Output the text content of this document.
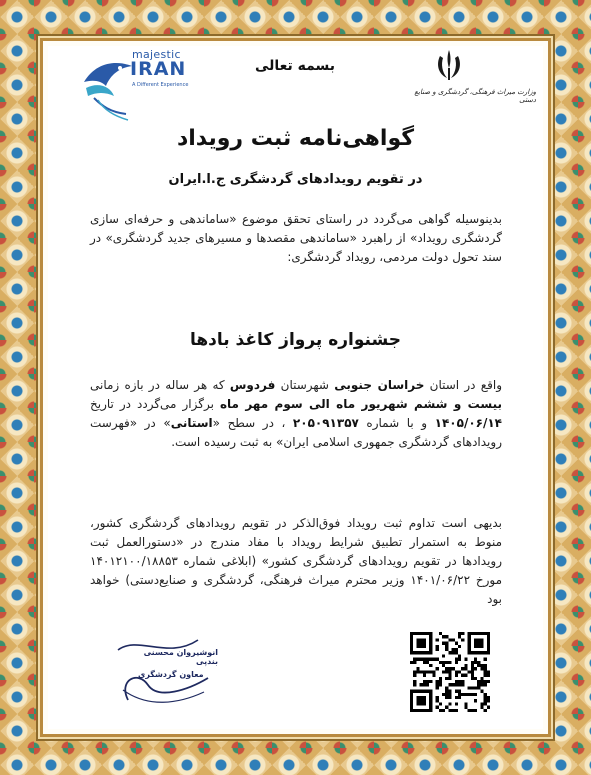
majestic
IRAN
A Different Experience
بسمه تعالی
وزارت میراث فرهنگی، گردشگری و صنایع دستی
گواهی‌نامه ثبت رویداد
در تقویم رویدادهای گردشگری ج.ا.ایران

بدینوسیله گواهی می‌گردد در راستای تحقق موضوع «ساماندهی و حرفه‌ای سازی گردشگری رویداد» از راهبرد «ساماندهی مقصدها و مسیرهای جدید گردشگری» در سند تحول دولت مردمی، رویداد گردشگری:

جشنواره پرواز کاغذ بادها

واقع در استان خراسان جنوبی شهرستان فردوس که هر ساله در بازه زمانی بیست و ششم شهریور ماه الی سوم مهر ماه برگزار می‌گردد در تاریخ ۱۴۰۵/۰۶/۱۴ و با شماره ۲۰۵۰۹۱۳۵۷ ، در سطح «استانی» در «فهرست رویدادهای گردشگری جمهوری اسلامی ایران» به ثبت رسیده است.

بدیهی است تداوم ثبت رویداد فوق‌الذکر در تقویم رویدادهای گردشگری کشور، منوط به استمرار تطبیق شرایط رویداد با مفاد مندرج در «دستورالعمل ثبت رویدادها در تقویم رویدادهای گردشگری کشور» (ابلاغی شماره ۱۴۰۱۲۱۰۰/۱۸۸۵۳ مورخ ۱۴۰۱/۰۶/۲۲ وزیر محترم میراث فرهنگی، گردشگری و صنایع‌دستی) خواهد بود

انوشیروان محسنی بندپی
معاون گردشگری
